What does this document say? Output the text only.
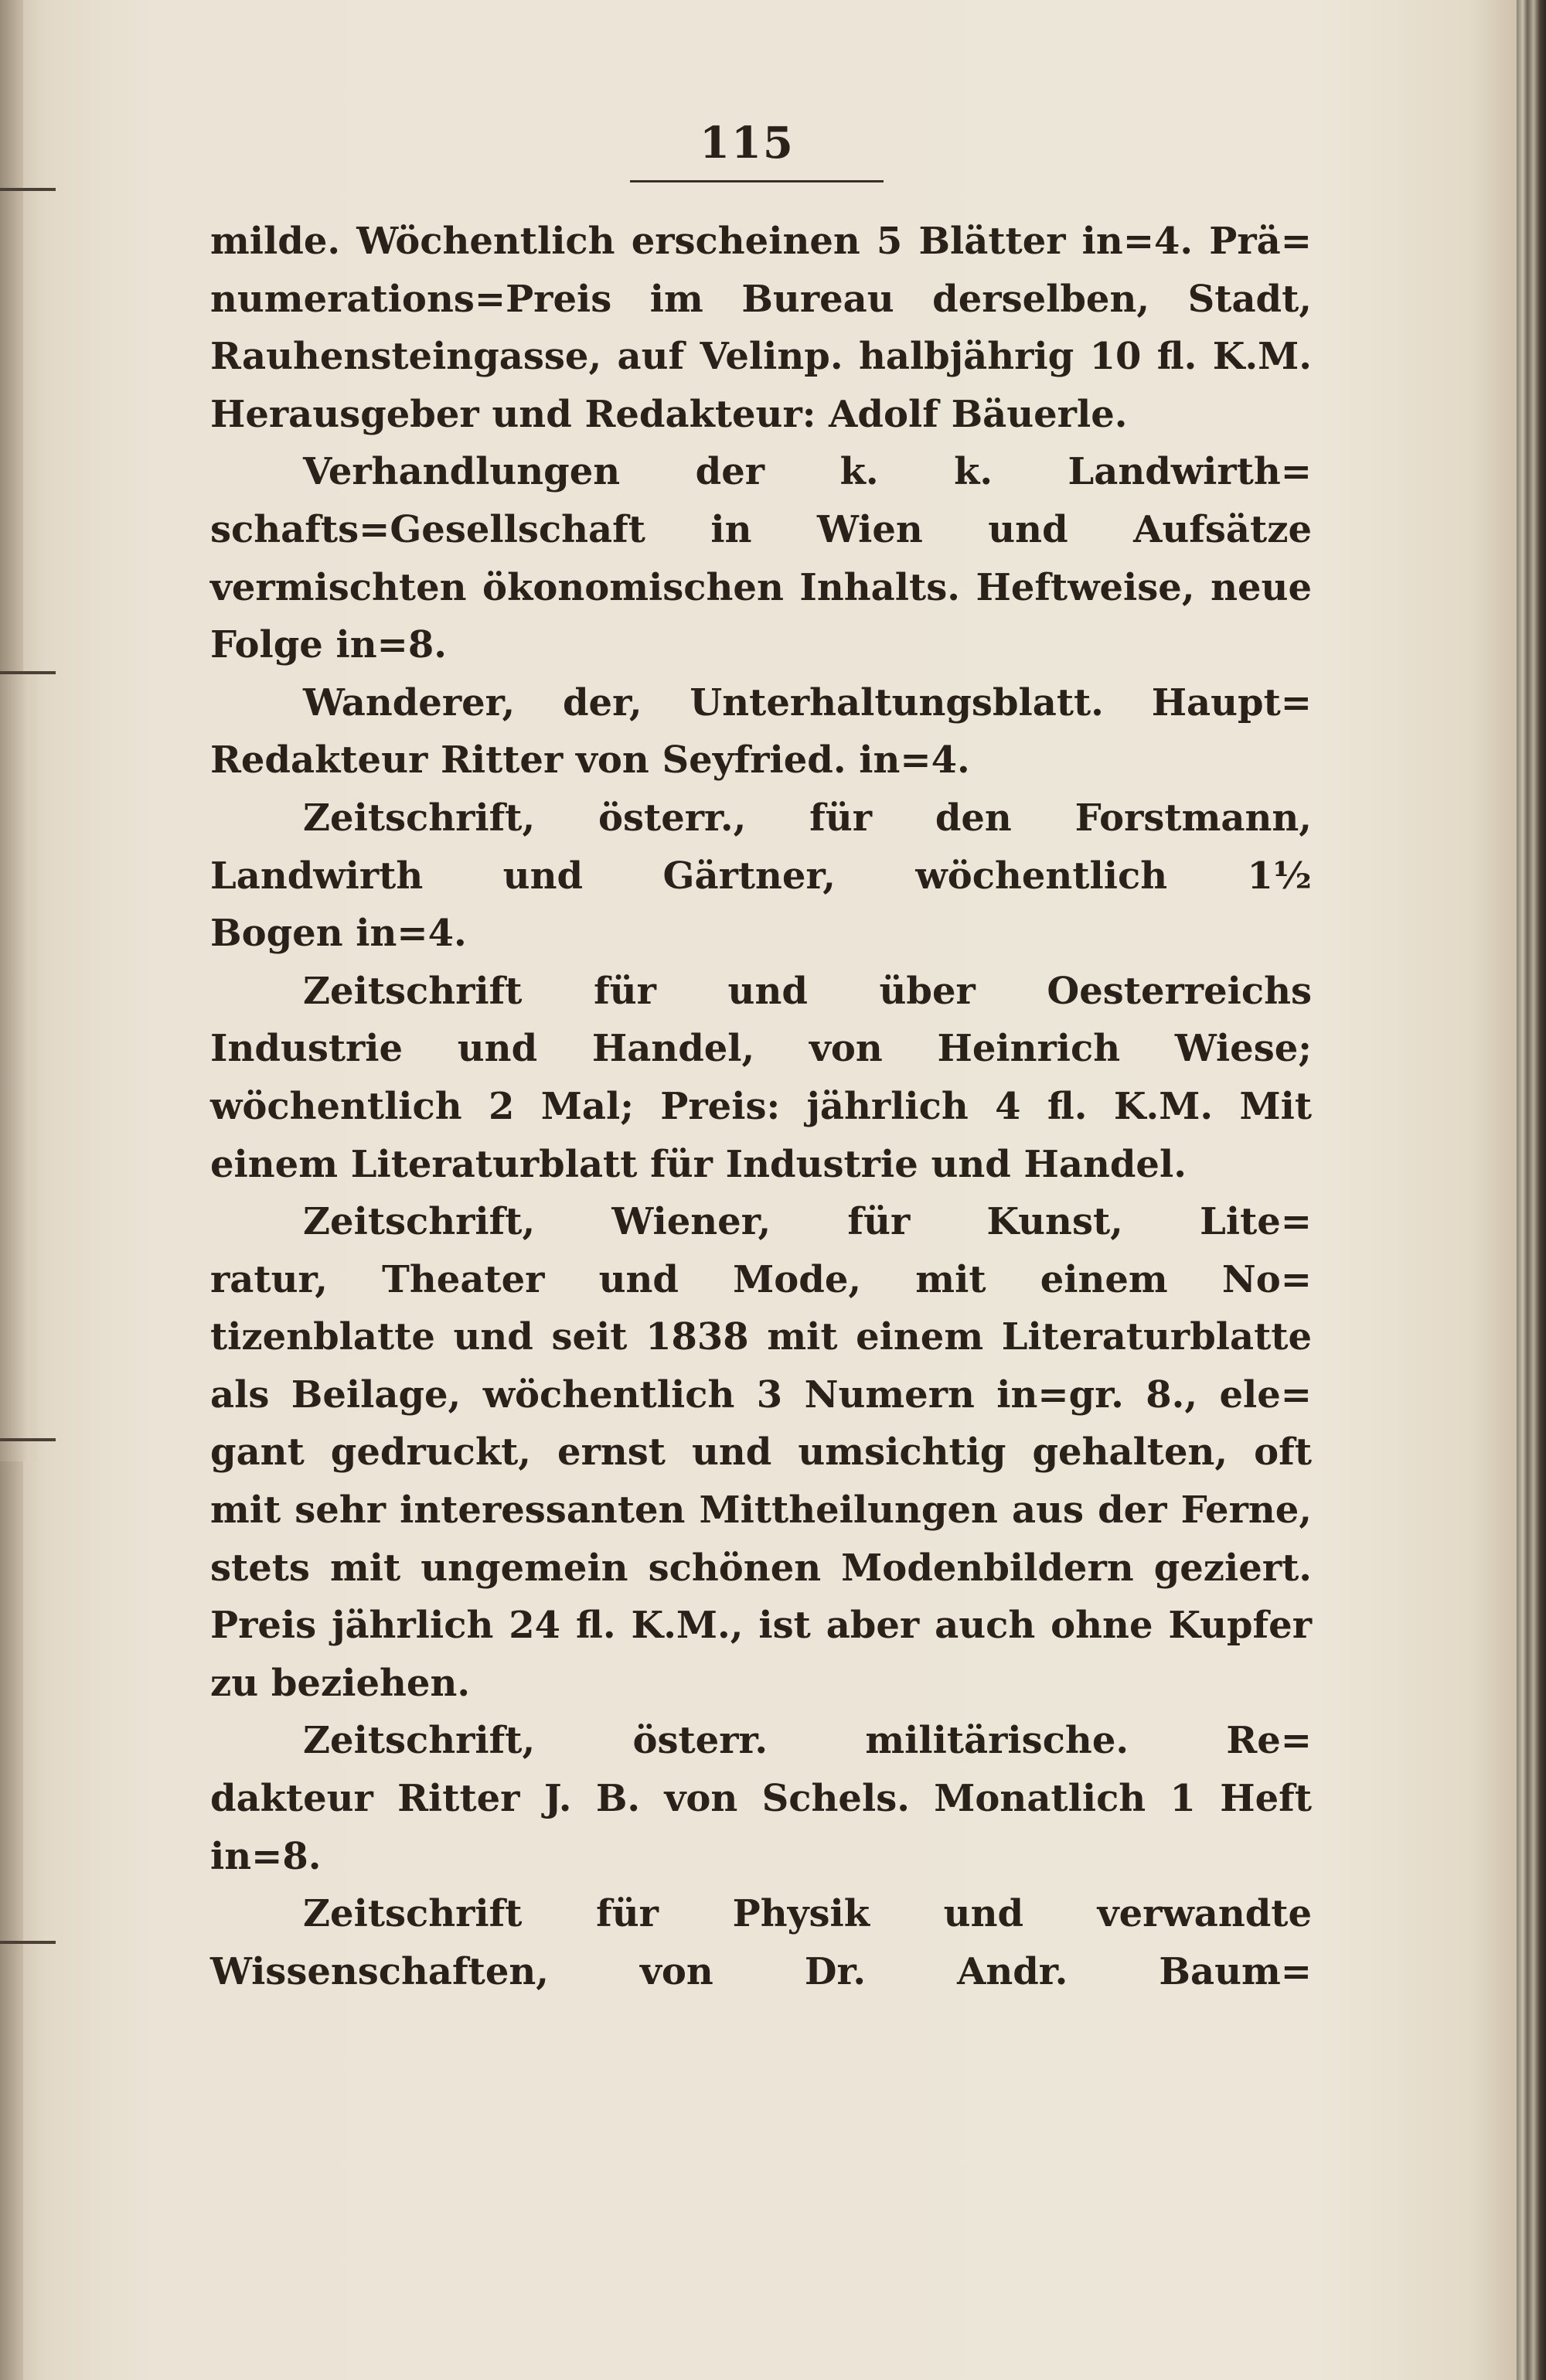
115
milde. Wöchentlich erscheinen 5 Blätter in=4. Prä=
numerations=Preis im Bureau derselben, Stadt,
Rauhensteingasse, auf Velinp. halbjährig 10 fl. K.M.
Herausgeber und Redakteur: Adolf Bäuerle.
Verhandlungen der k. k. Landwirth=
schafts=Gesellschaft in Wien und Aufsätze
vermischten ökonomischen Inhalts. Heftweise, neue
Folge in=8.
Wanderer, der, Unterhaltungsblatt. Haupt=
Redakteur Ritter von Seyfried. in=4.
Zeitschrift, österr., für den Forstmann,
Landwirth und Gärtner, wöchentlich 1½
Bogen in=4.
Zeitschrift für und über Oesterreichs
Industrie und Handel, von Heinrich Wiese;
wöchentlich 2 Mal; Preis: jährlich 4 fl. K.M. Mit
einem Literaturblatt für Industrie und Handel.
Zeitschrift, Wiener, für Kunst, Lite=
ratur, Theater und Mode, mit einem No=
tizenblatte und seit 1838 mit einem Literaturblatte
als Beilage, wöchentlich 3 Numern in=gr. 8., ele=
gant gedruckt, ernst und umsichtig gehalten, oft
mit sehr interessanten Mittheilungen aus der Ferne,
stets mit ungemein schönen Modenbildern geziert.
Preis jährlich 24 fl. K.M., ist aber auch ohne Kupfer
zu beziehen.
Zeitschrift, österr. militärische. Re=
dakteur Ritter J. B. von Schels. Monatlich 1 Heft
in=8.
Zeitschrift für Physik und verwandte
Wissenschaften, von Dr. Andr. Baum=
